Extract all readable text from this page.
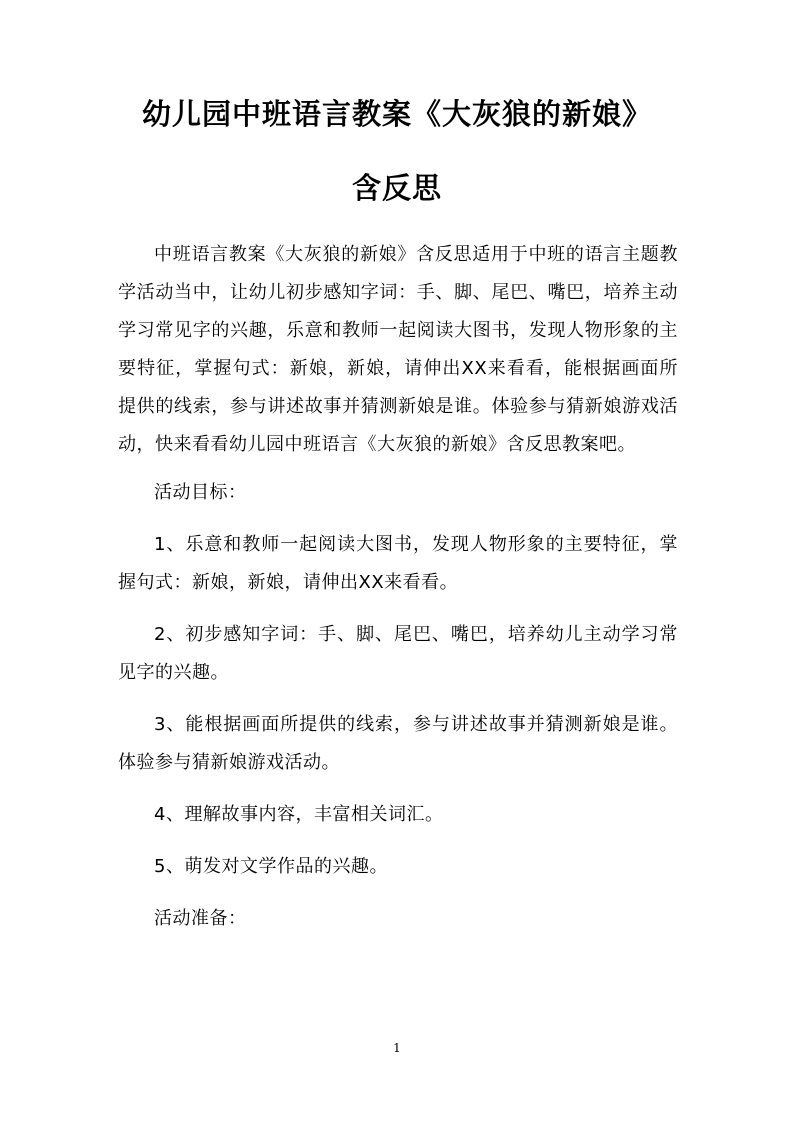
幼儿园中班语言教案《大灰狼的新娘》
含反思

中班语言教案《大灰狼的新娘》含反思适用于中班的语言主题教学活动当中，让幼儿初步感知字词：手、脚、尾巴、嘴巴，培养主动学习常见字的兴趣，乐意和教师一起阅读大图书，发现人物形象的主要特征，掌握句式：新娘，新娘，请伸出XX来看看，能根据画面所提供的线索，参与讲述故事并猜测新娘是谁。体验参与猜新娘游戏活动，快来看看幼儿园中班语言《大灰狼的新娘》含反思教案吧。

活动目标：

1、乐意和教师一起阅读大图书，发现人物形象的主要特征，掌握句式：新娘，新娘，请伸出XX来看看。

2、初步感知字词：手、脚、尾巴、嘴巴，培养幼儿主动学习常见字的兴趣。

3、能根据画面所提供的线索，参与讲述故事并猜测新娘是谁。体验参与猜新娘游戏活动。

4、理解故事内容，丰富相关词汇。

5、萌发对文学作品的兴趣。

活动准备：

1
